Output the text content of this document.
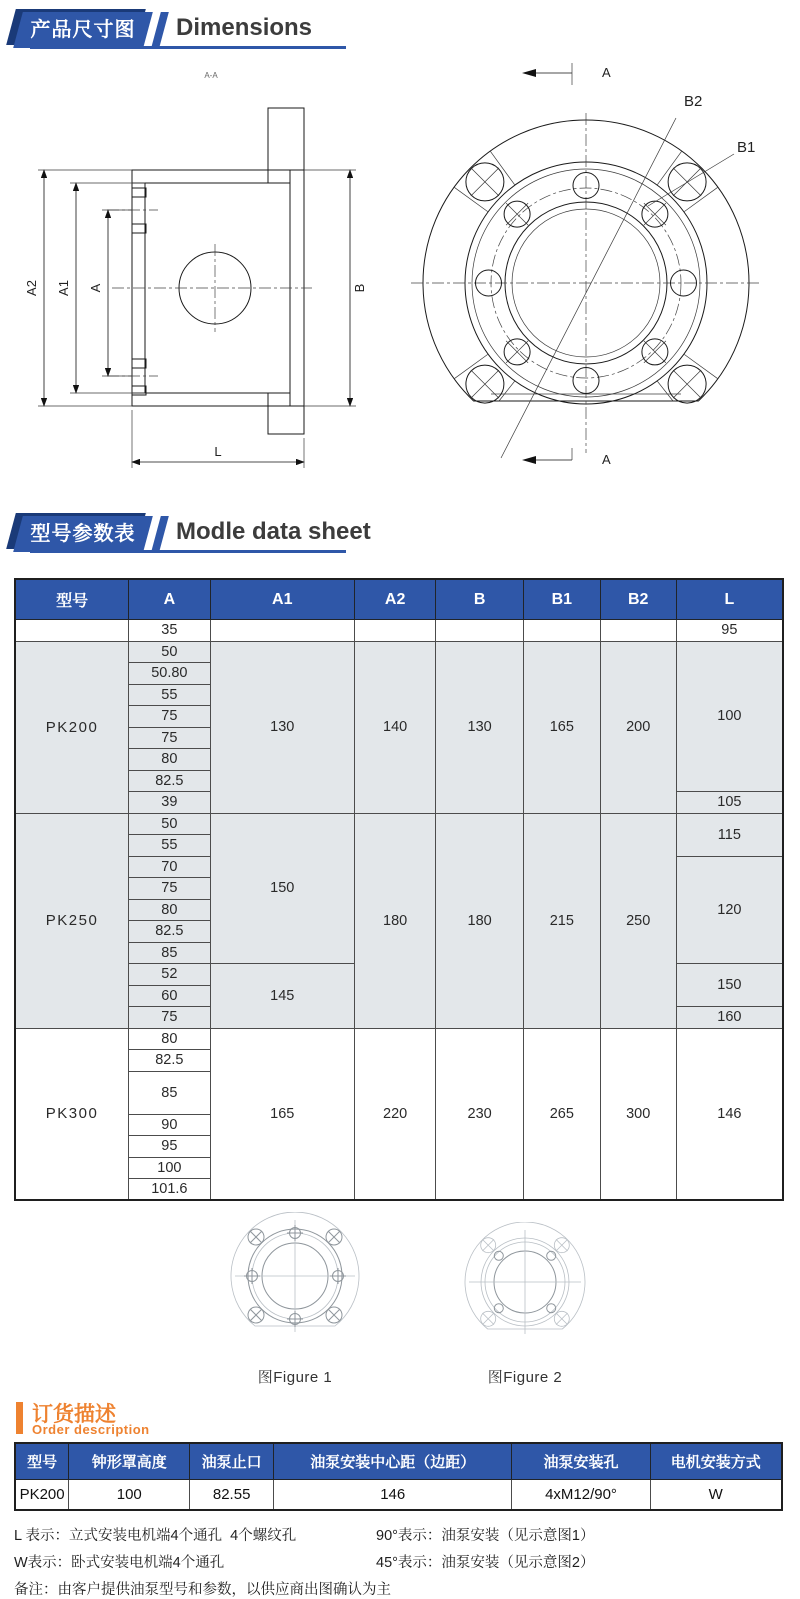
产品尺寸图	Dimensions
A-A
A2 A1 A	B
L
B2
B1
A
A
型号参数表	Modle data sheet
型号	A	A1	A2	B	B1	B2	L
	35						95
PK200	50	130	140	130	165	200	100
	50.80						
	55						
	75						
	75						
	80						
	82.5						
	39						105
PK250	50	150	180	180	215	250	115
	55						
	70						120
	75						
	80						
	82.5						
	85						
	52	145					150
	60						
	75						160
PK300	80	165	220	230	265	300	146
	82.5						
	85						
	90						
	95						
	100						
	101.6						
图Figure 1	图Figure 2
订货描述
Order description
型号	钟形罩高度	油泵止口	油泵安装中心距（边距）	油泵安装孔	电机安装方式
PK200	100	82.55	146	4xM12/90°	W
L 表示：立式安装电机端4个通孔  4个螺纹孔
W表示：卧式安装电机端4个通孔
备注：由客户提供油泵型号和参数，以供应商出图确认为主
90°表示：油泵安装（见示意图1）
45°表示：油泵安装（见示意图2）
